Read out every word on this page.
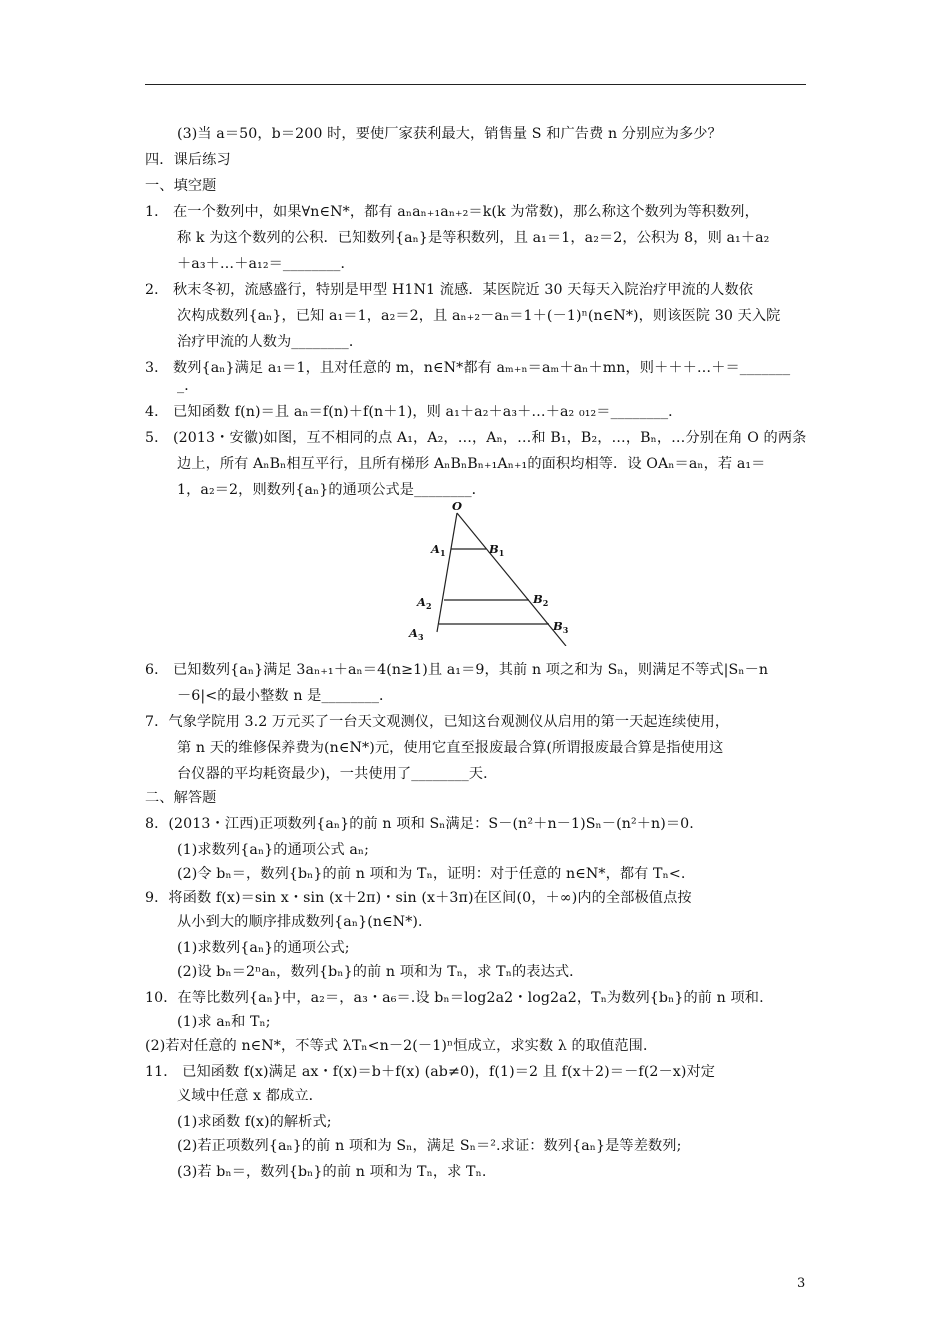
(3)当 a＝50，b＝200 时，要使厂家获利最大，销售量 S 和广告费 n 分别应为多少？
四．课后练习
一、填空题
1． 在一个数列中，如果∀n∈N*，都有 aₙaₙ₊₁aₙ₊₂＝k(k 为常数)，那么称这个数列为等积数列，
称 k 为这个数列的公积．已知数列{aₙ}是等积数列，且 a₁＝1，a₂＝2，公积为 8，则 a₁＋a₂
＋a₃＋…＋a₁₂＝________．
2． 秋末冬初，流感盛行，特别是甲型 H1N1 流感．某医院近 30 天每天入院治疗甲流的人数依
次构成数列{aₙ}，已知 a₁＝1，a₂＝2，且 aₙ₊₂－aₙ＝1＋(－1)ⁿ(n∈N*)，则该医院 30 天入院
治疗甲流的人数为________．
3． 数列{aₙ}满足 a₁＝1，且对任意的 m，n∈N*都有 aₘ₊ₙ＝aₘ＋aₙ＋mn，则＋＋＋…＋＝_______
_．
4． 已知函数 f(n)＝且 aₙ＝f(n)＋f(n＋1)，则 a₁＋a₂＋a₃＋…＋a₂ ₀₁₂＝________．
5． (2013・安徽)如图，互不相同的点 A₁，A₂，…，Aₙ，…和 B₁，B₂，…，Bₙ，…分别在角 O 的两条
边上，所有 AₙBₙ相互平行，且所有梯形 AₙBₙBₙ₊₁Aₙ₊₁的面积均相等．设 OAₙ＝aₙ，若 a₁＝
1，a₂＝2，则数列{aₙ}的通项公式是________．
O
$A_1$	$B_1$
$A_2$	$B_2$
$A_3$
$B_3$
6． 已知数列{aₙ}满足 3aₙ₊₁＋aₙ＝4(n≥1)且 a₁＝9，其前 n 项之和为 Sₙ，则满足不等式|Sₙ－n
－6|<的最小整数 n 是________．
7．气象学院用 3.2 万元买了一台天文观测仪，已知这台观测仪从启用的第一天起连续使用，
第 n 天的维修保养费为(n∈N*)元，使用它直至报废最合算(所谓报废最合算是指使用这
台仪器的平均耗资最少)，一共使用了________天．
二、解答题
8．(2013・江西)正项数列{aₙ}的前 n 项和 Sₙ满足：S－(n²＋n－1)Sₙ－(n²＋n)＝0.
(1)求数列{aₙ}的通项公式 aₙ;
(2)令 bₙ＝，数列{bₙ}的前 n 项和为 Tₙ，证明：对于任意的 n∈N*，都有 Tₙ<.
9．将函数 f(x)＝sin x・sin (x＋2π)・sin (x＋3π)在区间(0，＋∞)内的全部极值点按
从小到大的顺序排成数列{aₙ}(n∈N*)．
(1)求数列{aₙ}的通项公式;
(2)设 bₙ＝2ⁿaₙ，数列{bₙ}的前 n 项和为 Tₙ，求 Tₙ的表达式．
10．在等比数列{aₙ}中，a₂＝，a₃・a₆＝.设 bₙ＝log2a2・log2a2，Tₙ为数列{bₙ}的前 n 项和.
(1)求 aₙ和 Tₙ;
(2)若对任意的 n∈N*，不等式 λTₙ<n－2(－1)ⁿ恒成立，求实数 λ 的取值范围．
11． 已知函数 f(x)满足 ax・f(x)＝b＋f(x) (ab≠0)，f(1)＝2 且 f(x＋2)＝－f(2－x)对定
义域中任意 x 都成立．
(1)求函数 f(x)的解析式;
(2)若正项数列{aₙ}的前 n 项和为 Sₙ，满足 Sₙ＝².求证：数列{aₙ}是等差数列;
(3)若 bₙ＝，数列{bₙ}的前 n 项和为 Tₙ，求 Tₙ.
3
